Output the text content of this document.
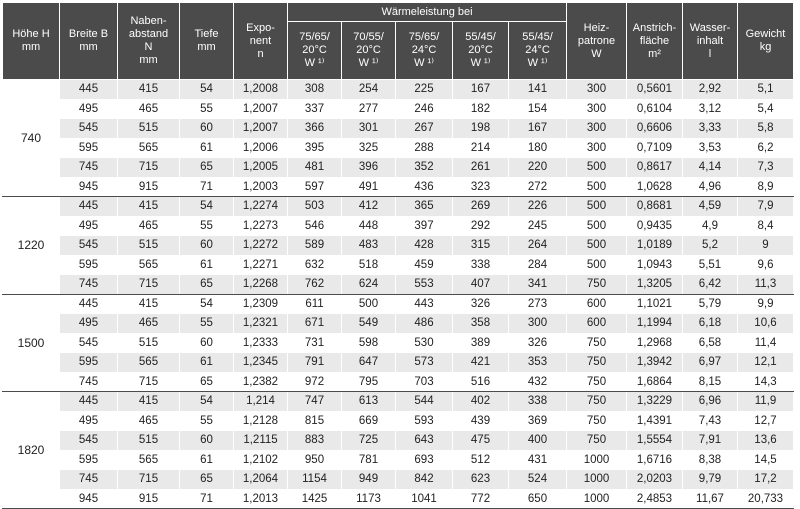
Höhe H
mm	Breite B
mm	Naben-
abstand
N
mm	Tiefe
mm	Expo-
nent
n	Wärmeleistung bei					Heiz-
patrone
W	Anstrich-
fläche
m²	Wasser-
inhalt
l	Gewicht
kg
					75/65/
20°C
W ¹⁾	70/55/
20°C
W ¹⁾	75/65/
24°C
W ¹⁾	55/45/
20°C
W ¹⁾	55/45/
24°C
W ¹⁾				
740	445	415	54	1,2008	308	254	225	167	141	300	0,5601	2,92	5,1
	495	465	55	1,2007	337	277	246	182	154	300	0,6104	3,12	5,4
	545	515	60	1,2007	366	301	267	198	167	300	0,6606	3,33	5,8
	595	565	61	1,2006	395	325	288	214	180	300	0,7109	3,53	6,2
	745	715	65	1,2005	481	396	352	261	220	500	0,8617	4,14	7,3
	945	915	71	1,2003	597	491	436	323	272	500	1,0628	4,96	8,9
1220	445	415	54	1,2274	503	412	365	269	226	500	0,8681	4,59	7,9
	495	465	55	1,2273	546	448	397	292	245	500	0,9435	4,9	8,4
	545	515	60	1,2272	589	483	428	315	264	500	1,0189	5,2	9
	595	565	61	1,2271	632	518	459	338	284	500	1,0943	5,51	9,6
	745	715	65	1,2268	762	624	553	407	341	750	1,3205	6,42	11,3
1500	445	415	54	1,2309	611	500	443	326	273	600	1,1021	5,79	9,9
	495	465	55	1,2321	671	549	486	358	300	600	1,1994	6,18	10,6
	545	515	60	1,2333	731	598	530	389	326	750	1,2968	6,58	11,4
	595	565	61	1,2345	791	647	573	421	353	750	1,3942	6,97	12,1
	745	715	65	1,2382	972	795	703	516	432	750	1,6864	8,15	14,3
1820	445	415	54	1,214	747	613	544	402	338	750	1,3229	6,96	11,9
	495	465	55	1,2128	815	669	593	439	369	750	1,4391	7,43	12,7
	545	515	60	1,2115	883	725	643	475	400	750	1,5554	7,91	13,6
	595	565	61	1,2102	950	781	693	512	431	1000	1,6716	8,38	14,5
	745	715	65	1,2064	1154	949	842	623	524	1000	2,0203	9,79	17,2
	945	915	71	1,2013	1425	1173	1041	772	650	1000	2,4853	11,67	20,733
